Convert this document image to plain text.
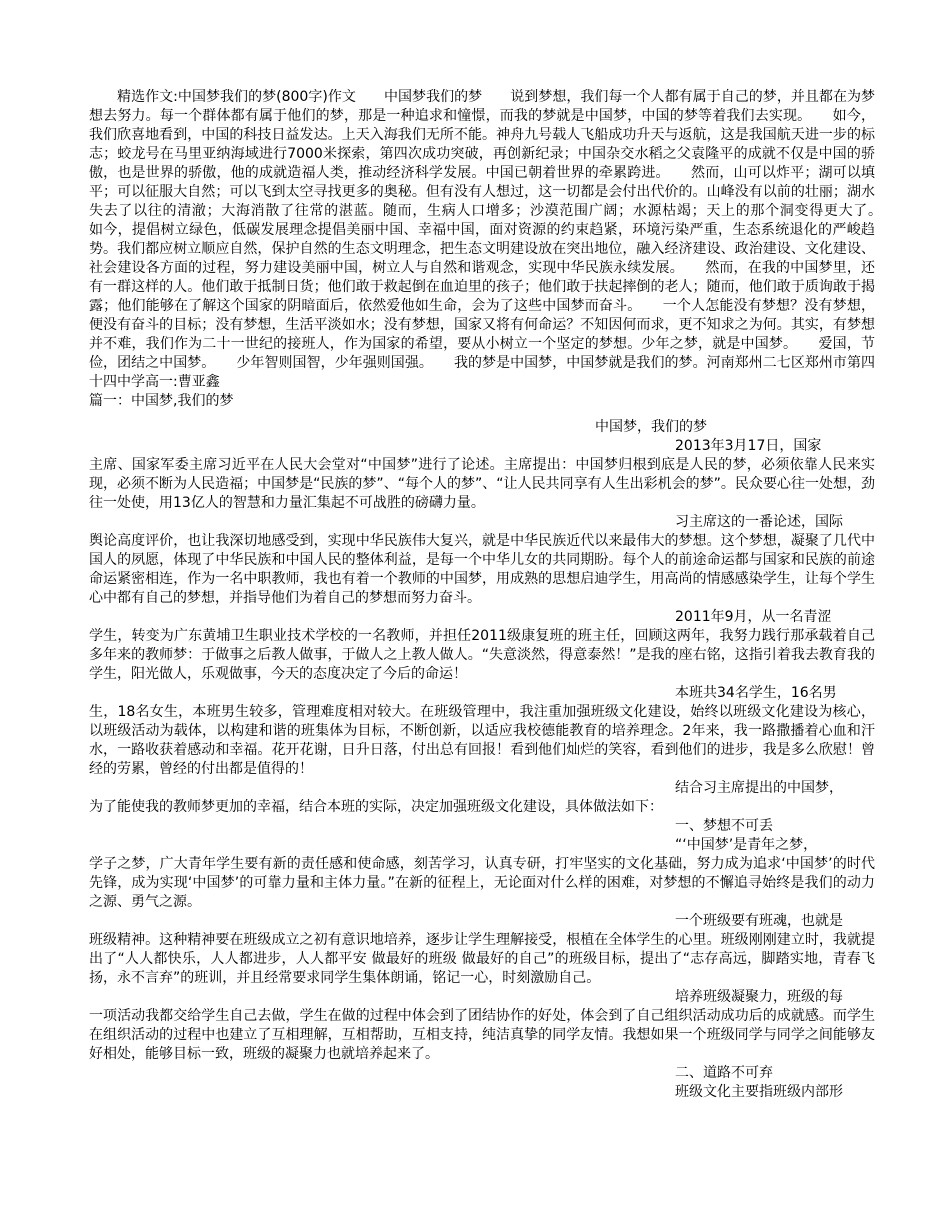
　　精选作文:中国梦我们的梦(800字)作文　　中国梦我们的梦　　说到梦想，我们每一个人都有属于自己的梦，并且都在为梦想去努力。每一个群体都有属于他们的梦，那是一种追求和憧憬，而我的梦就是中国梦，中国的梦等着我们去实现。　　如今，我们欣喜地看到，中国的科技日益发达。上天入海我们无所不能。神舟九号载人飞船成功升天与返航，这是我国航天进一步的标志；蛟龙号在马里亚纳海域进行7000米探索，第四次成功突破，再创新纪录；中国杂交水稻之父袁隆平的成就不仅是中国的骄傲，也是世界的骄傲，他的成就造福人类，推动经济科学发展。中国已朝着世界的牵累跨进。　　然而，山可以炸平；湖可以填平；可以征服大自然；可以飞到太空寻找更多的奥秘。但有没有人想过，这一切都是会付出代价的。山峰没有以前的壮丽；湖水失去了以往的清澈；大海消散了往常的湛蓝。随而，生病人口增多；沙漠范围广阔；水源枯竭；天上的那个洞变得更大了。　　如今，提倡树立绿色，低碳发展理念提倡美丽中国、幸福中国，面对资源的约束趋紧，环境污染严重，生态系统退化的严峻趋势。我们都应树立顺应自然，保护自然的生态文明理念，把生态文明建设放在突出地位，融入经济建设、政治建设、文化建设、社会建设各方面的过程，努力建设美丽中国，树立人与自然和谐观念，实现中华民族永续发展。　　然而，在我的中国梦里，还有一群这样的人。他们敢于抵制日货；他们敢于救起倒在血迫里的孩子；他们敢于扶起摔倒的老人；随而，他们敢于质询敢于揭露；他们能够在了解这个国家的阴暗面后，依然爱他如生命，会为了这些中国梦而奋斗。　　一个人怎能没有梦想？没有梦想，便没有奋斗的目标；没有梦想，生活平淡如水；没有梦想，国家又将有何命运？不知因何而求，更不知求之为何。其实，有梦想并不难，我们作为二十一世纪的接班人，作为国家的希望，要从小树立一个坚定的梦想。少年之梦，就是中国梦。　　爱国，节俭，团结之中国梦。　　少年智则国智，少年强则国强。　　我的梦是中国梦，中国梦就是我们的梦。河南郑州二七区郑州市第四十四中学高一:曹亚鑫

篇一：中国梦,我们的梦

中国梦，我们的梦

2013年3月17日，国家

主席、国家军委主席习近平在人民大会堂对“中国梦”进行了论述。主席提出：中国梦归根到底是人民的梦，必须依靠人民来实现，必须不断为人民造福；中国梦是“民族的梦”、“每个人的梦”、“让人民共同享有人生出彩机会的梦”。民众要心往一处想，劲往一处使，用13亿人的智慧和力量汇集起不可战胜的磅礴力量。

习主席这的一番论述，国际

舆论高度评价，也让我深切地感受到，实现中华民族伟大复兴，就是中华民族近代以来最伟大的梦想。这个梦想，凝聚了几代中国人的夙愿，体现了中华民族和中国人民的整体利益，是每一个中华儿女的共同期盼。每个人的前途命运都与国家和民族的前途命运紧密相连，作为一名中职教师，我也有着一个教师的中国梦，用成熟的思想启迪学生，用高尚的情感感染学生，让每个学生心中都有自己的梦想，并指导他们为着自己的梦想而努力奋斗。

2011年9月，从一名青涩

学生，转变为广东黄埔卫生职业技术学校的一名教师，并担任2011级康复班的班主任，回顾这两年，我努力践行那承载着自己多年来的教师梦：于做事之后教人做事，于做人之上教人做人。“失意淡然，得意泰然！”是我的座右铭，这指引着我去教育我的学生，阳光做人，乐观做事，今天的态度决定了今后的命运！

本班共34名学生，16名男

生，18名女生，本班男生较多，管理难度相对较大。在班级管理中，我注重加强班级文化建设，始终以班级文化建设为核心，以班级活动为载体，以构建和谐的班集体为目标，不断创新，以适应我校德能教育的培养理念。2年来，我一路撒播着心血和汗水，一路收获着感动和幸福。花开花谢，日升日落，付出总有回报！看到他们灿烂的笑容，看到他们的进步，我是多么欣慰！曾经的劳累，曾经的付出都是值得的！

结合习主席提出的中国梦，

为了能使我的教师梦更加的幸福，结合本班的实际，决定加强班级文化建设，具体做法如下：

一、梦想不可丢

“‘中国梦’是青年之梦，

学子之梦，广大青年学生要有新的责任感和使命感，刻苦学习，认真专研，打牢坚实的文化基础，努力成为追求‘中国梦’的时代先锋，成为实现‘中国梦’的可靠力量和主体力量。”在新的征程上，无论面对什么样的困难，对梦想的不懈追寻始终是我们的动力之源、勇气之源。

一个班级要有班魂，也就是

班级精神。这种精神要在班级成立之初有意识地培养，逐步让学生理解接受，根植在全体学生的心里。班级刚刚建立时，我就提出了“人人都快乐，人人都进步，人人都平安 做最好的班级 做最好的自己”的班级目标，提出了“志存高远，脚踏实地，青春飞扬，永不言弃”的班训，并且经常要求同学生集体朗诵，铭记一心，时刻激励自己。

培养班级凝聚力，班级的每

一项活动我都交给学生自己去做，学生在做的过程中体会到了团结协作的好处，体会到了自己组织活动成功后的成就感。而学生在组织活动的过程中也建立了互相理解，互相帮助，互相支持，纯洁真挚的同学友情。我想如果一个班级同学与同学之间能够友好相处，能够目标一致，班级的凝聚力也就培养起来了。

二、道路不可弃

班级文化主要指班级内部形
